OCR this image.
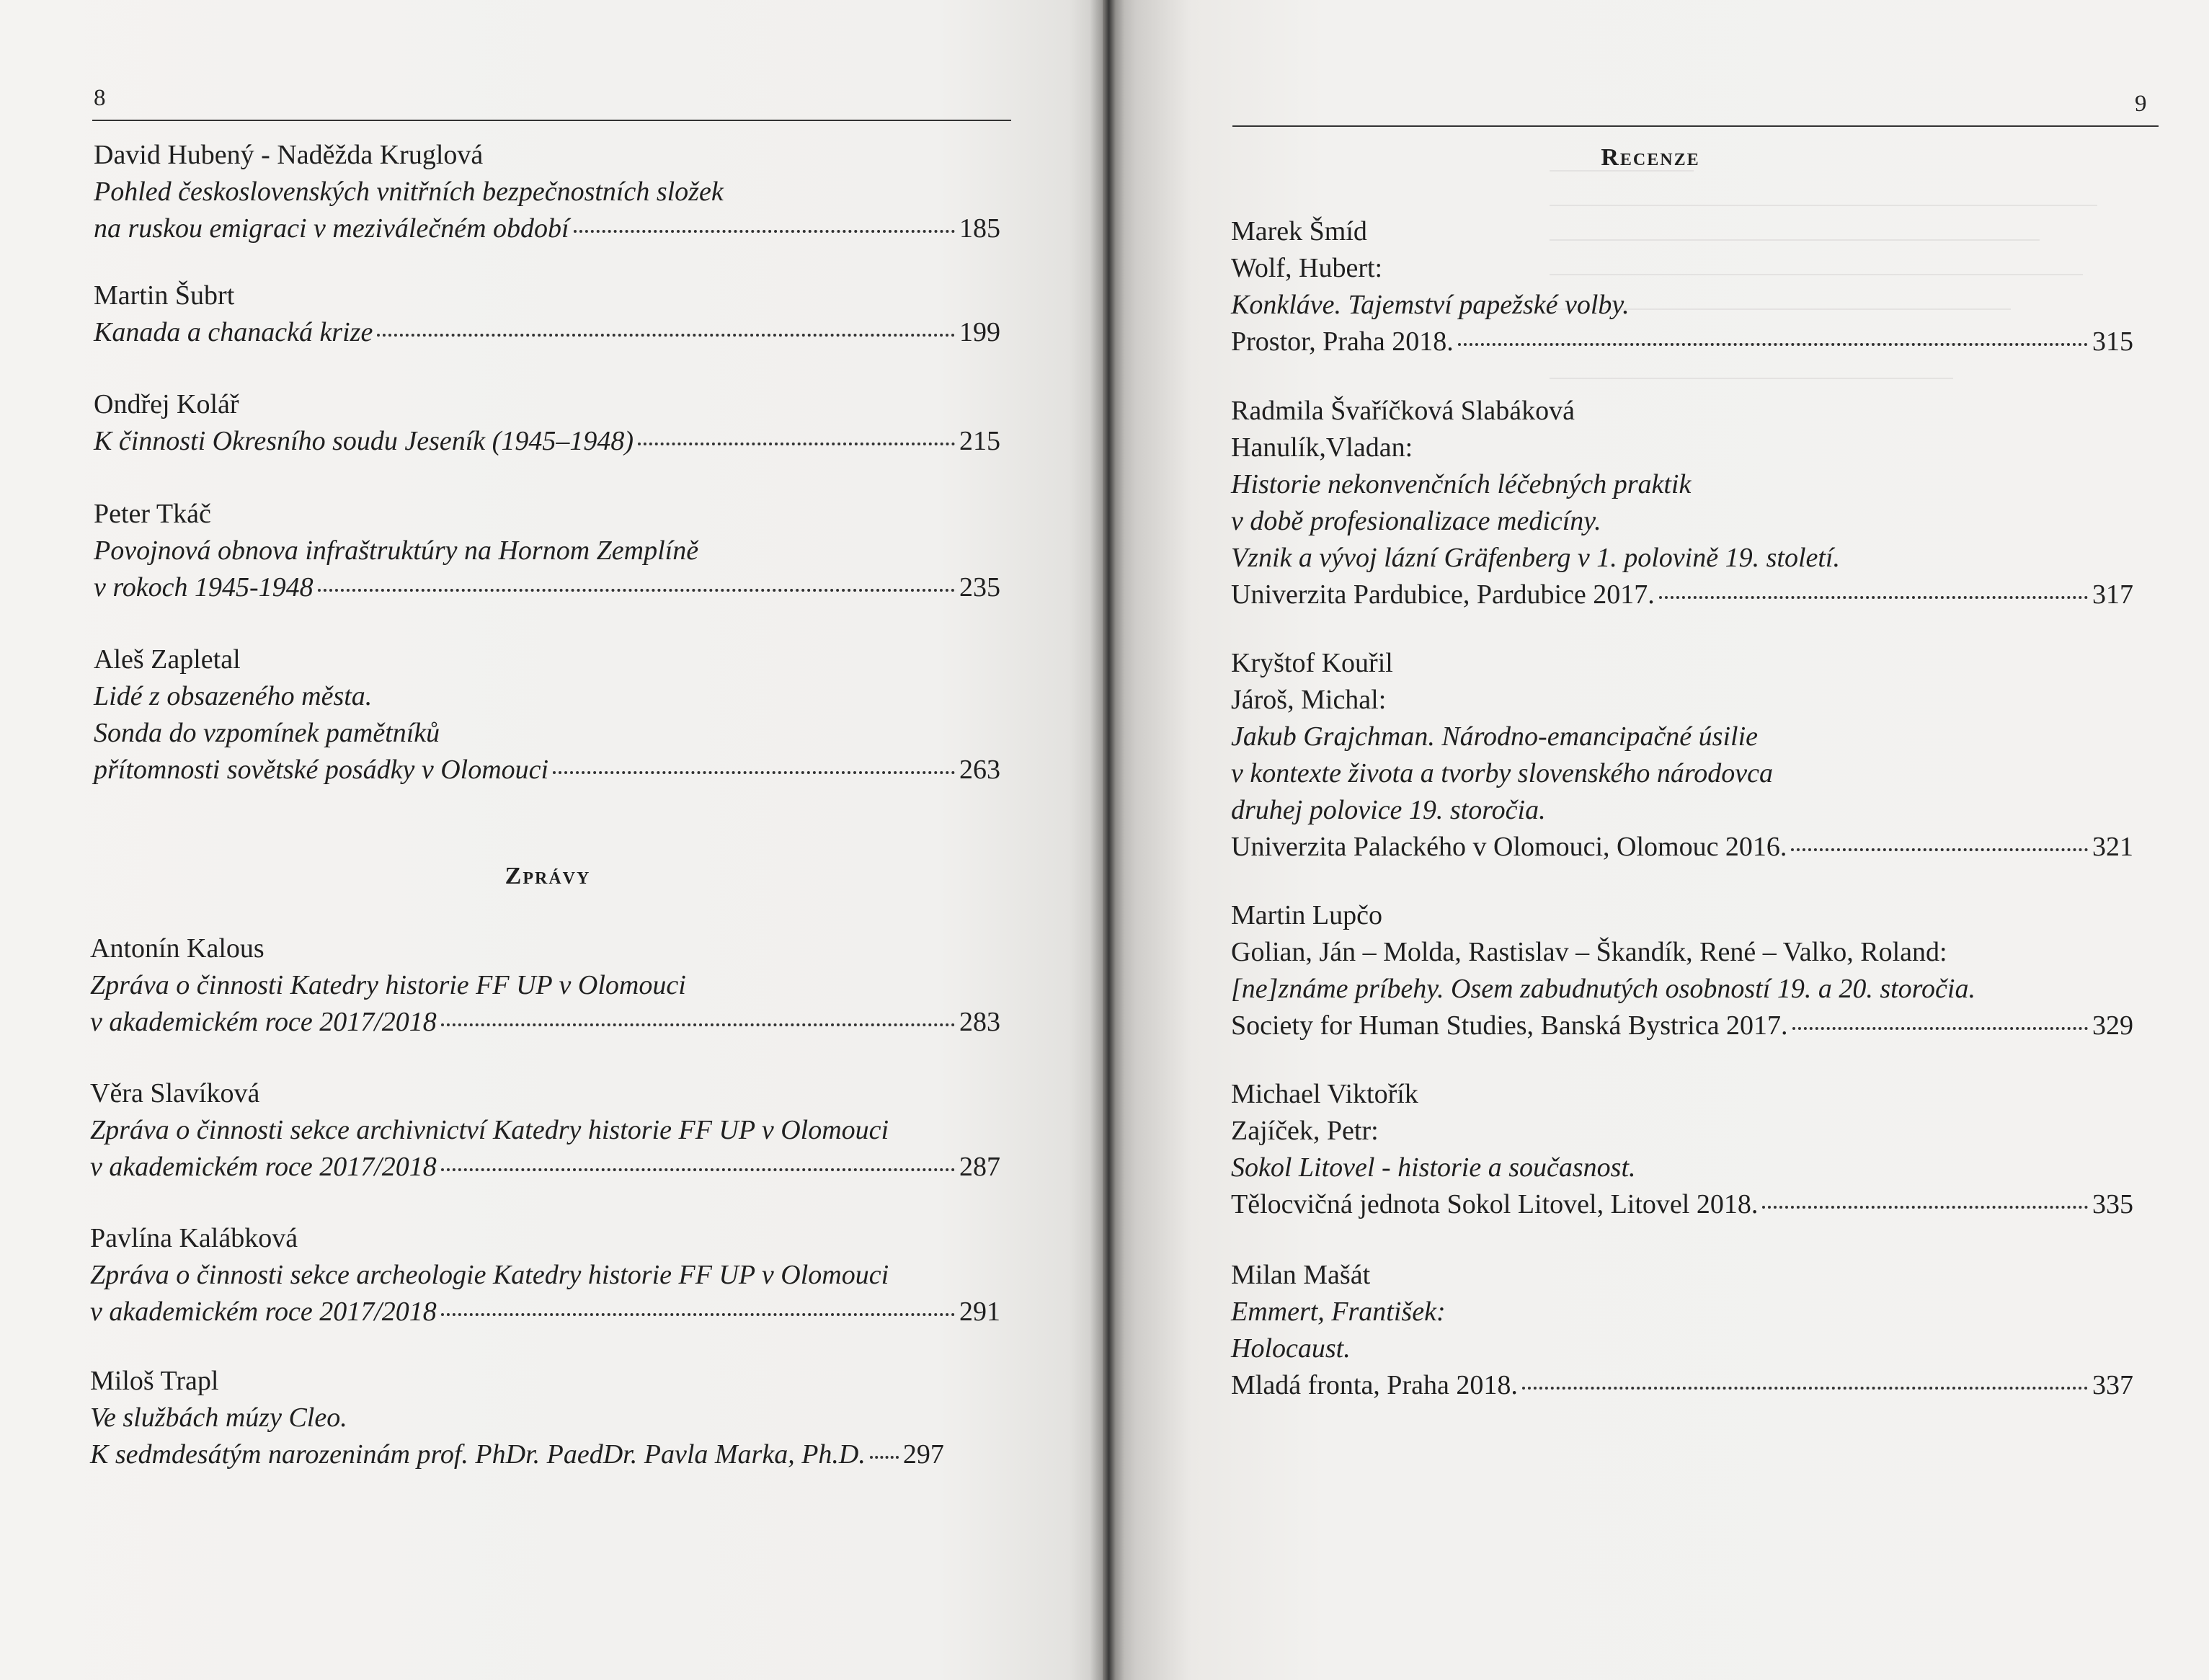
8
David Hubený - Naděžda Kruglová
Pohled československých vnitřních bezpečnostních složek
na ruskou emigraci v meziválečném období	185
Martin Šubrt
Kanada a chanacká krize	199
Ondřej Kolář
K činnosti Okresního soudu Jeseník (1945–1948)	215
Peter Tkáč
Povojnová obnova infraštruktúry na Hornom Zemplíně
v rokoch 1945-1948	235
Aleš Zapletal
Lidé z obsazeného města.
Sonda do vzpomínek pamětníků
přítomnosti sovětské posádky v Olomouci	263
Zprávy
Antonín Kalous
Zpráva o činnosti Katedry historie FF UP v Olomouci
v akademickém roce 2017/2018	283
Věra Slavíková
Zpráva o činnosti sekce archivnictví Katedry historie FF UP v Olomouci
v akademickém roce 2017/2018	287
Pavlína Kalábková
Zpráva o činnosti sekce archeologie Katedry historie FF UP v Olomouci
v akademickém roce 2017/2018	291
Miloš Trapl
Ve službách múzy Cleo.
K sedmdesátým narozeninám prof. PhDr. PaedDr. Pavla Marka, Ph.D. 297
9
Recenze
Marek Šmíd
Wolf, Hubert:
Konkláve. Tajemství papežské volby.
Prostor, Praha 2018.	315
Radmila Švaříčková Slabáková
Hanulík,Vladan:
Historie nekonvenčních léčebných praktik
v době profesionalizace medicíny.
Vznik a vývoj lázní Gräfenberg v 1. polovině 19. století.
Univerzita Pardubice, Pardubice 2017.	317
Kryštof Kouřil
Jároš, Michal:
Jakub Grajchman. Národno-emancipačné úsilie
v kontexte života a tvorby slovenského národovca
druhej polovice 19. storočia.
Univerzita Palackého v Olomouci, Olomouc 2016.	321
Martin Lupčo
Golian, Ján – Molda, Rastislav – Škandík, René – Valko, Roland:
[ne]známe príbehy. Osem zabudnutých osobností 19. a 20. storočia.
Society for Human Studies, Banská Bystrica 2017.	329
Michael Viktořík
Zajíček, Petr:
Sokol Litovel - historie a současnost.
Tělocvičná jednota Sokol Litovel, Litovel 2018.	335
Milan Mašát
Emmert, František:
Holocaust.
Mladá fronta, Praha 2018.	337
